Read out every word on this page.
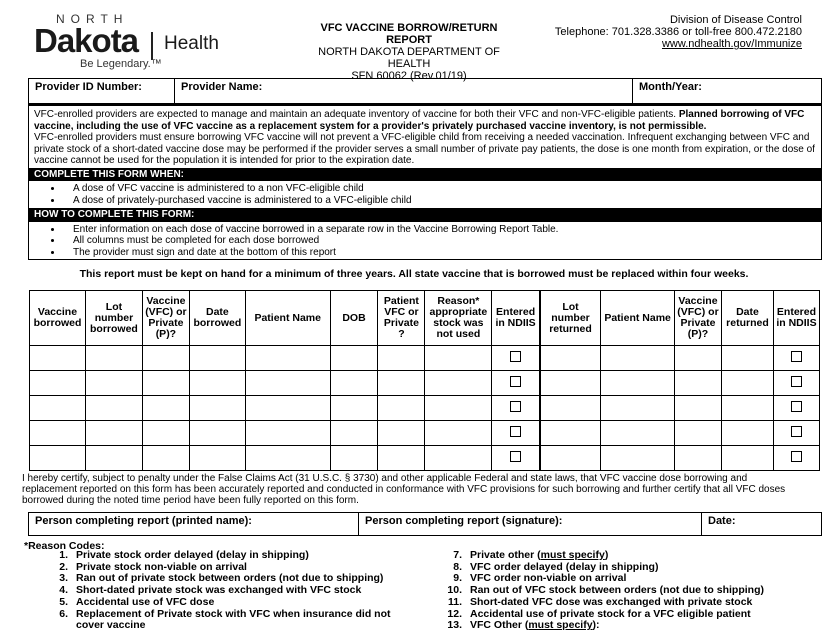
NORTH
Dakota Health
Be Legendary.™
VFC VACCINE BORROW/RETURN REPORT
NORTH DAKOTA DEPARTMENT OF HEALTH
SFN 60062 (Rev.01/19)
Division of Disease Control
Telephone: 701.328.3386 or toll-free 800.472.2180
www.ndhealth.gov/Immunize
Provider ID Number:	Provider Name:	Month/Year:
VFC-enrolled providers are expected to manage and maintain an adequate inventory of vaccine for both their VFC and non-VFC-eligible patients. Planned borrowing of VFC vaccine, including the use of VFC vaccine as a replacement system for a provider's privately purchased vaccine inventory, is not permissible.
VFC-enrolled providers must ensure borrowing VFC vaccine will not prevent a VFC-eligible child from receiving a needed vaccination. Infrequent exchanging between VFC and private stock of a short-dated vaccine dose may be performed if the provider serves a small number of private pay patients, the dose is one month from expiration, or the dose of vaccine cannot be used for the population it is intended for prior to the expiration date.
COMPLETE THIS FORM WHEN:
• A dose of VFC vaccine is administered to a non VFC-eligible child
• A dose of privately-purchased vaccine is administered to a VFC-eligible child
HOW TO COMPLETE THIS FORM:
• Enter information on each dose of vaccine borrowed in a separate row in the Vaccine Borrowing Report Table.
• All columns must be completed for each dose borrowed
• The provider must sign and date at the bottom of this report
This report must be kept on hand for a minimum of three years. All state vaccine that is borrowed must be replaced within four weeks.
Vaccine borrowed	Lot number borrowed	Vaccine (VFC) or Private (P)?	Date borrowed	Patient Name	DOB	Patient VFC or Private ?	Reason* appropriate stock was not used	Entered in NDIIS	Lot number returned	Patient Name	Vaccine (VFC) or Private (P)?	Date returned	Entered in NDIIS

I hereby certify, subject to penalty under the False Claims Act (31 U.S.C. § 3730) and other applicable Federal and state laws, that VFC vaccine dose borrowing and replacement reported on this form has been accurately reported and conducted in conformance with VFC provisions for such borrowing and further certify that all VFC doses borrowed during the noted time period have been fully reported on this form.
Person completing report (printed name):	Person completing report (signature):	Date:
*Reason Codes:
1. Private stock order delayed (delay in shipping)
2. Private stock non-viable on arrival
3. Ran out of private stock between orders (not due to shipping)
4. Short-dated private stock was exchanged with VFC stock
5. Accidental use of VFC dose
6. Replacement of Private stock with VFC when insurance did not cover vaccine
7. Private other (must specify)
8. VFC order delayed (delay in shipping)
9. VFC order non-viable on arrival
10. Ran out of VFC stock between orders (not due to shipping)
11. Short-dated VFC dose was exchanged with private stock
12. Accidental use of private stock for a VFC eligible patient
13. VFC Other (must specify):
